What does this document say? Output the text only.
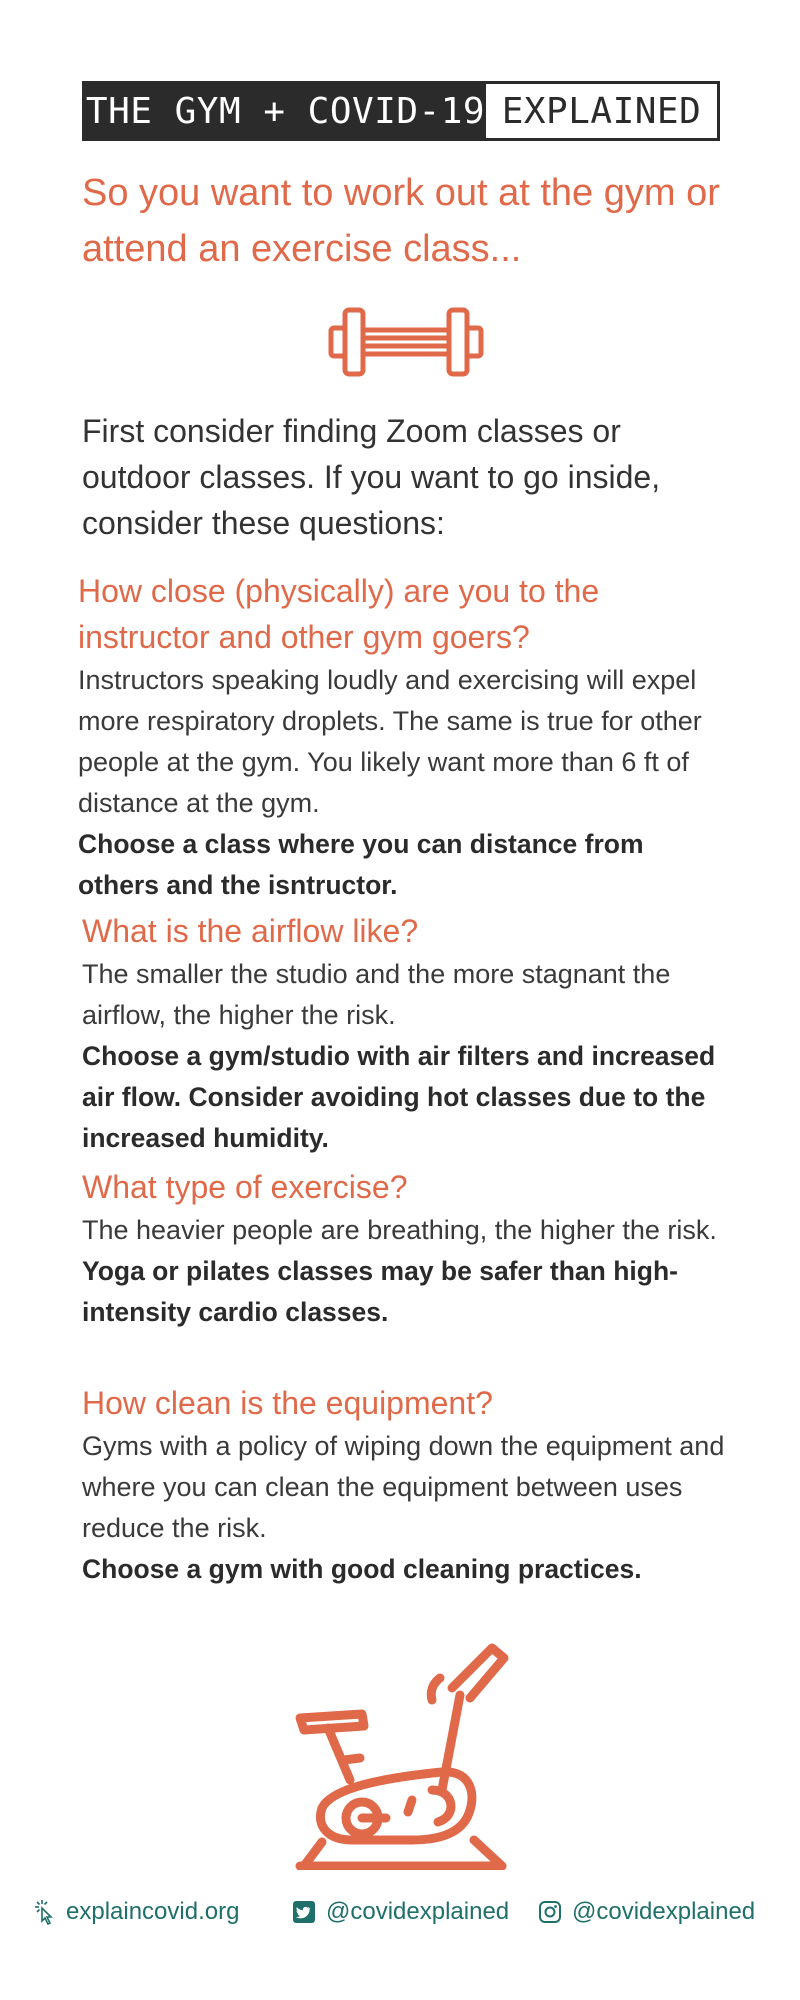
THE GYM + COVID-19 EXPLAINED
So you want to work out at the gym or attend an exercise class...
First consider finding Zoom classes or outdoor classes. If you want to go inside, consider these questions:
How close (physically) are you to the instructor and other gym goers?

Instructors speaking loudly and exercising will expel more respiratory droplets. The same is true for other people at the gym. You likely want more than 6 ft of distance at the gym.

Choose a class where you can distance from others and the isntructor.

What is the airflow like?

The smaller the studio and the more stagnant the airflow, the higher the risk.

Choose a gym/studio with air filters and increased air flow. Consider avoiding hot classes due to the increased humidity.

What type of exercise?

The heavier people are breathing, the higher the risk.

Yoga or pilates classes may be safer than high-intensity cardio classes.

How clean is the equipment?

Gyms with a policy of wiping down the equipment and where you can clean the equipment between uses reduce the risk.

Choose a gym with good cleaning practices.

explaincovid.org	@covidexplained	@covidexplained
